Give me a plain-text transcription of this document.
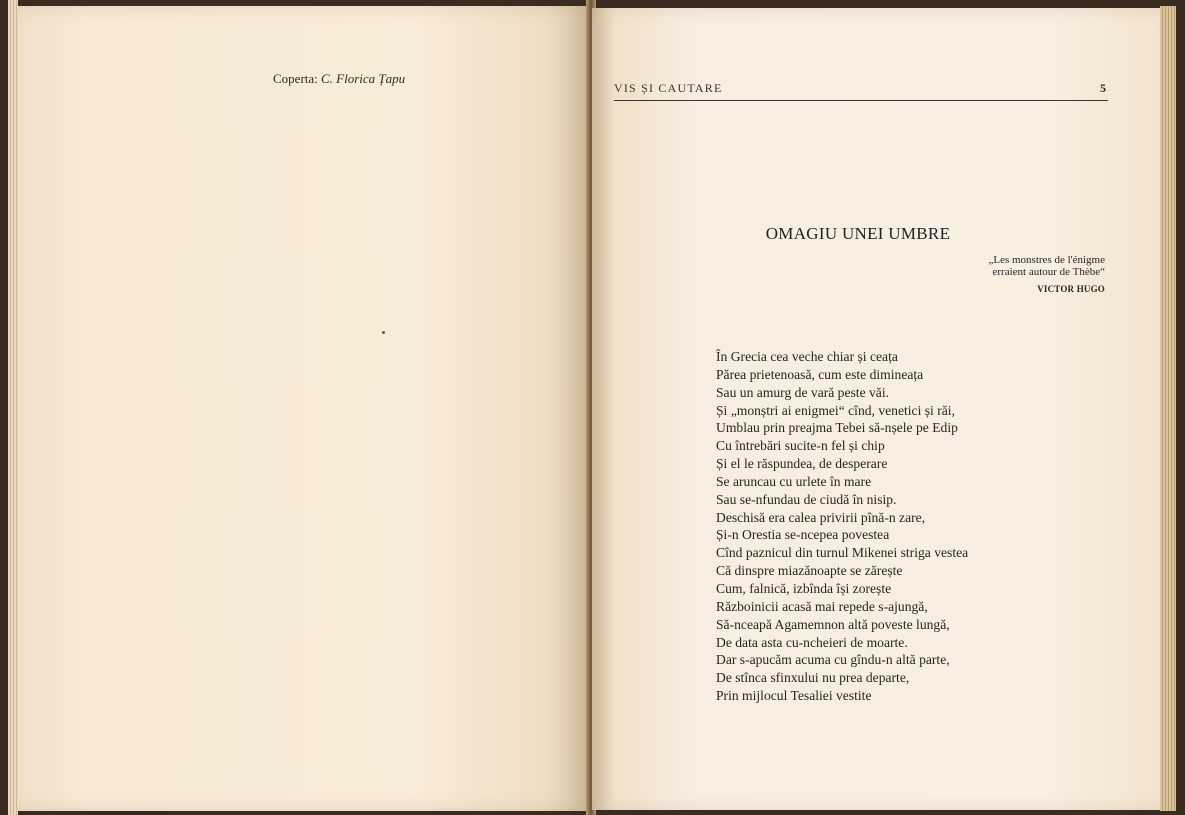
Coperta: C. Florica Țapu
VIS ȘI CAUTARE	5
OMAGIU UNEI UMBRE
„Les monstres de l'énigme
erraient autour de Thèbe“
VICTOR HUGO
În Grecia cea veche chiar și ceața
Părea prietenoasă, cum este dimineața
Sau un amurg de vară peste văi.
Și „monștri ai enigmei“ cînd, venetici și răi,
Umblau prin preajma Tebei să-nșele pe Edip
Cu întrebări sucite-n fel și chip
Și el le răspundea, de desperare
Se aruncau cu urlete în mare
Sau se-nfundau de ciudă în nisip.
Deschisă era calea privirii pînă-n zare,
Și-n Orestia se-ncepea povestea
Cînd paznicul din turnul Mikenei striga vestea
Că dinspre miazănoapte se zărește
Cum, falnică, izbînda își zorește
Războinicii acasă mai repede s-ajungă,
Să-nceapă Agamemnon altă poveste lungă,
De data asta cu-ncheieri de moarte.
Dar s-apucăm acuma cu gîndu-n altă parte,
De stînca sfinxului nu prea departe,
Prin mijlocul Tesaliei vestite
